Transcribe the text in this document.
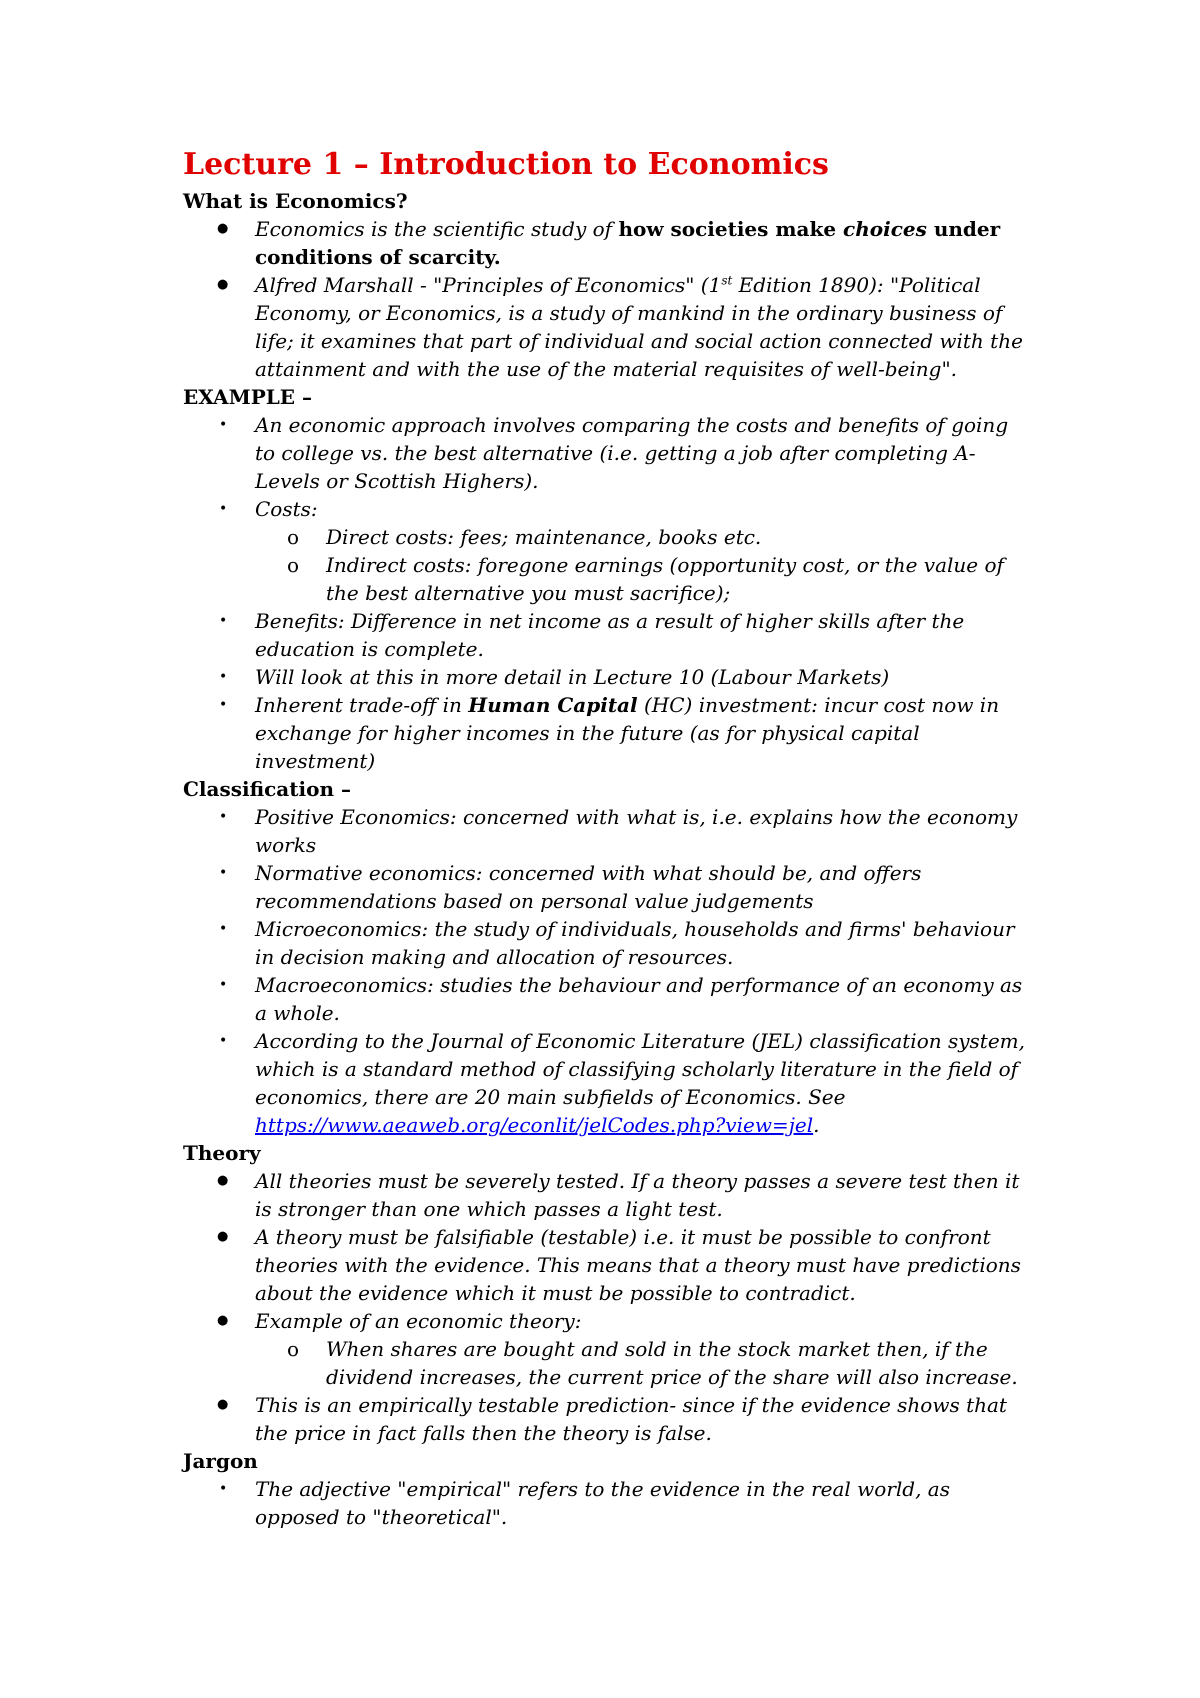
Lecture 1 – Introduction to Economics
What is Economics?
● Economics is the scientific study of how societies make choices under conditions of scarcity.
● Alfred Marshall - "Principles of Economics" (1st Edition 1890): "Political Economy, or Economics, is a study of mankind in the ordinary business of life; it examines that part of individual and social action connected with the attainment and with the use of the material requisites of well-being".
EXAMPLE –
• An economic approach involves comparing the costs and benefits of going to college vs. the best alternative (i.e. getting a job after completing A-Levels or Scottish Highers).
• Costs:
o Direct costs: fees; maintenance, books etc.
o Indirect costs: foregone earnings (opportunity cost, or the value of the best alternative you must sacrifice);
• Benefits: Difference in net income as a result of higher skills after the education is complete.
• Will look at this in more detail in Lecture 10 (Labour Markets)
• Inherent trade-off in Human Capital (HC) investment: incur cost now in exchange for higher incomes in the future (as for physical capital investment)
Classification –
• Positive Economics: concerned with what is, i.e. explains how the economy works
• Normative economics: concerned with what should be, and offers recommendations based on personal value judgements
• Microeconomics: the study of individuals, households and firms' behaviour in decision making and allocation of resources.
• Macroeconomics: studies the behaviour and performance of an economy as a whole.
• According to the Journal of Economic Literature (JEL) classification system, which is a standard method of classifying scholarly literature in the field of economics, there are 20 main subfields of Economics. See https://www.aeaweb.org/econlit/jelCodes.php?view=jel.
Theory
● All theories must be severely tested. If a theory passes a severe test then it is stronger than one which passes a light test.
● A theory must be falsifiable (testable) i.e. it must be possible to confront theories with the evidence. This means that a theory must have predictions about the evidence which it must be possible to contradict.
● Example of an economic theory:
o When shares are bought and sold in the stock market then, if the dividend increases, the current price of the share will also increase.
● This is an empirically testable prediction- since if the evidence shows that the price in fact falls then the theory is false.
Jargon
• The adjective "empirical" refers to the evidence in the real world, as opposed to "theoretical".
